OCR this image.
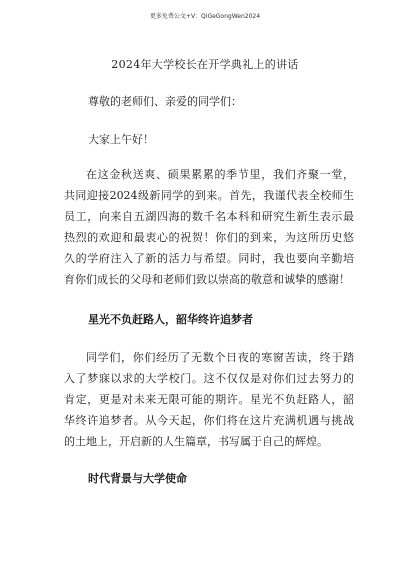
更多免费公文+V：QiGeGongWen2024
2024年大学校长在开学典礼上的讲话

尊敬的老师们、亲爱的同学们：

大家上午好！

在这金秋送爽、硕果累累的季节里，我们齐聚一堂，
共同迎接2024级新同学的到来。首先，我谨代表全校师生
员工，向来自五湖四海的数千名本科和研究生新生表示最
热烈的欢迎和最衷心的祝贺！你们的到来，为这所历史悠
久的学府注入了新的活力与希望。同时，我也要向辛勤培
育你们成长的父母和老师们致以崇高的敬意和诚挚的感谢！

星光不负赶路人，韶华终许追梦者

同学们，你们经历了无数个日夜的寒窗苦读，终于踏
入了梦寐以求的大学校门。这不仅仅是对你们过去努力的
肯定，更是对未来无限可能的期许。星光不负赶路人，韶
华终许追梦者。从今天起，你们将在这片充满机遇与挑战
的土地上，开启新的人生篇章，书写属于自己的辉煌。

时代背景与大学使命
